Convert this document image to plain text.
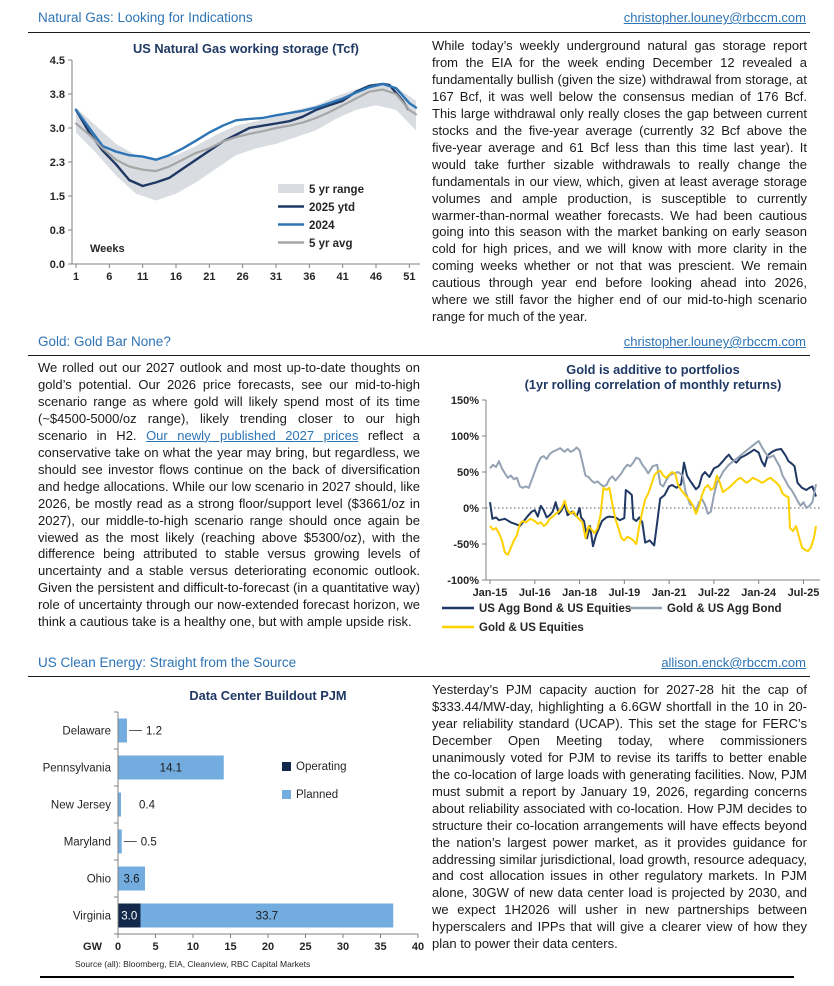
Natural Gas: Looking for Indications	christopher.louney@rbccm.com
US Natural Gas working storage (Tcf)
0.0
0.8
1.5
2.3
3.0
3.8
4.5
1 6 11 16 21 26 31 36 41 46 51
Weeks
5 yr range
2025 ytd
2024
5 yr avg

While today’s weekly underground natural gas storage report from the EIA for the week ending December 12 revealed a fundamentally bullish (given the size) withdrawal from storage, at 167 Bcf, it was well below the consensus median of 176 Bcf. This large withdrawal only really closes the gap between current stocks and the five-year average (currently 32 Bcf above the five-year average and 61 Bcf less than this time last year). It would take further sizable withdrawals to really change the fundamentals in our view, which, given at least average storage volumes and ample production, is susceptible to currently warmer-than-normal weather forecasts. We had been cautious going into this season with the market banking on early season cold for high prices, and we will know with more clarity in the coming weeks whether or not that was prescient. We remain cautious through year end before looking ahead into 2026, where we still favor the higher end of our mid-to-high scenario range for much of the year.

Gold: Gold Bar None?	christopher.louney@rbccm.com

We rolled out our 2027 outlook and most up-to-date thoughts on gold’s potential. Our 2026 price forecasts, see our mid-to-high scenario range as where gold will likely spend most of its time (~$4500-5000/oz range), likely trending closer to our high scenario in H2. Our newly published 2027 prices reflect a conservative take on what the year may bring, but regardless, we should see investor flows continue on the back of diversification and hedge allocations. While our low scenario in 2027 should, like 2026, be mostly read as a strong floor/support level ($3661/oz in 2027), our middle-to-high scenario range should once again be viewed as the most likely (reaching above $5300/oz), with the difference being attributed to stable versus growing levels of uncertainty and a stable versus deteriorating economic outlook. Given the persistent and difficult-to-forecast (in a quantitative way) role of uncertainty through our now-extended forecast horizon, we think a cautious take is a healthy one, but with ample upside risk.

Gold is additive to portfolios
(1yr rolling correlation of monthly returns)
150%
100%
50%
0%
-50%
-100%
Jan-15 Jul-16 Jan-18 Jul-19 Jan-21 Jul-22 Jan-24 Jul-25
US Agg Bond & US Equities	Gold & US Agg Bond
Gold & US Equities
US Clean Energy: Straight from the Source	allison.enck@rbccm.com
Data Center Buildout PJM
Delaware	1.2
Pennsylvania	14.1
New Jersey 0.4
Maryland	0.5
Ohio 3.6
Virginia 3.0	33.7
0	5	10 15 20 25 30 35 40
GW
Operating
Planned

Yesterday’s PJM capacity auction for 2027-28 hit the cap of $333.44/MW-day, highlighting a 6.6GW shortfall in the 10 in 20-year reliability standard (UCAP). This set the stage for FERC’s December Open Meeting today, where commissioners unanimously voted for PJM to revise its tariffs to better enable the co-location of large loads with generating facilities. Now, PJM must submit a report by January 19, 2026, regarding concerns about reliability associated with co-location. How PJM decides to structure their co-location arrangements will have effects beyond the nation’s largest power market, as it provides guidance for addressing similar jurisdictional, load growth, resource adequacy, and cost allocation issues in other regulatory markets. In PJM alone, 30GW of new data center load is projected by 2030, and we expect 1H2026 will usher in new partnerships between hyperscalers and IPPs that will give a clearer view of how they plan to power their data centers.

Source (all): Bloomberg, EIA, Cleanview, RBC Capital Markets
